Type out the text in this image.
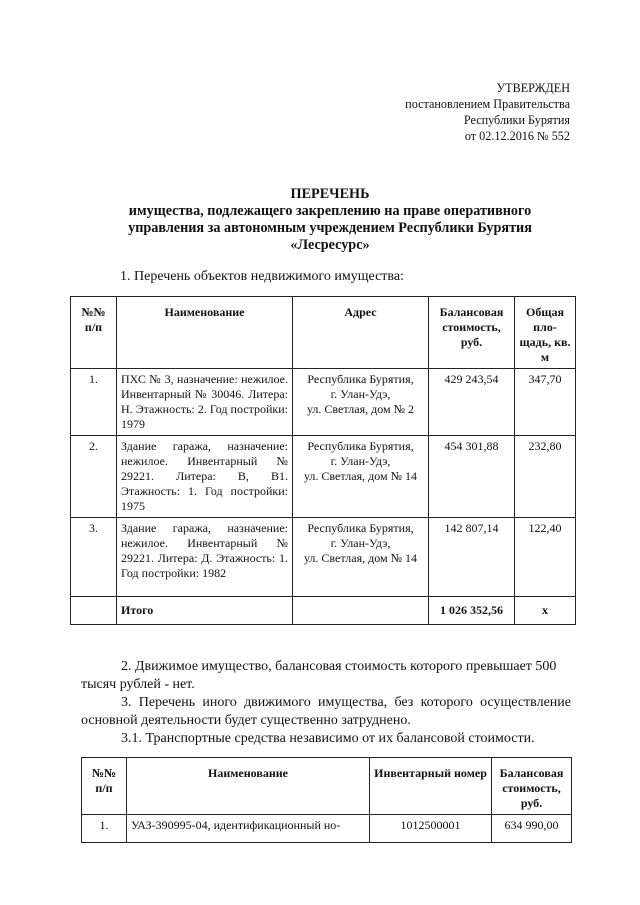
УТВЕРЖДЕН
постановлением Правительства
Республики Бурятия
от 02.12.2016 № 552
ПЕРЕЧЕНЬ
имущества, подлежащего закреплению на праве оперативного
управления за автономным учреждением Республики Бурятия
«Лесресурс»
1. Перечень объектов недвижимого имущества:
№№ п/п	Наименование	Адрес	Балансовая стоимость, руб.	Общая пло- щадь, кв. м
1.	ПХС № 3, назначение: нежилое. Инвентарный № 30046. Литера: Н. Этажность: 2. Год постройки: 1979	Республика Бурятия,
г. Улан-Удэ,
ул. Светлая, дом № 2	429 243,54	347,70
2.	Здание гаража, назначение: нежилое. Инвентарный № 29221. Литера: В, В1. Этажность: 1. Год постройки: 1975	Республика Бурятия,
г. Улан-Удэ,
ул. Светлая, дом № 14	454 301,88	232,80
3.	Здание гаража, назначение: нежилое. Инвентарный № 29221. Литера: Д. Этажность: 1. Год постройки: 1982	Республика Бурятия,
г. Улан-Удэ,
ул. Светлая, дом № 14	142 807,14	122,40
	Итого		1 026 352,56	х
2. Движимое имущество, балансовая стоимость которого превышает 500 тысяч рублей - нет.
3. Перечень иного движимого имущества, без которого осуществление основной деятельности будет существенно затруднено.
3.1. Транспортные средства независимо от их балансовой стоимости.
№№ п/п	Наименование	Инвентарный номер	Балансовая стоимость, руб.
1.	УАЗ-390995-04, идентификационный но-	1012500001	634 990,00
